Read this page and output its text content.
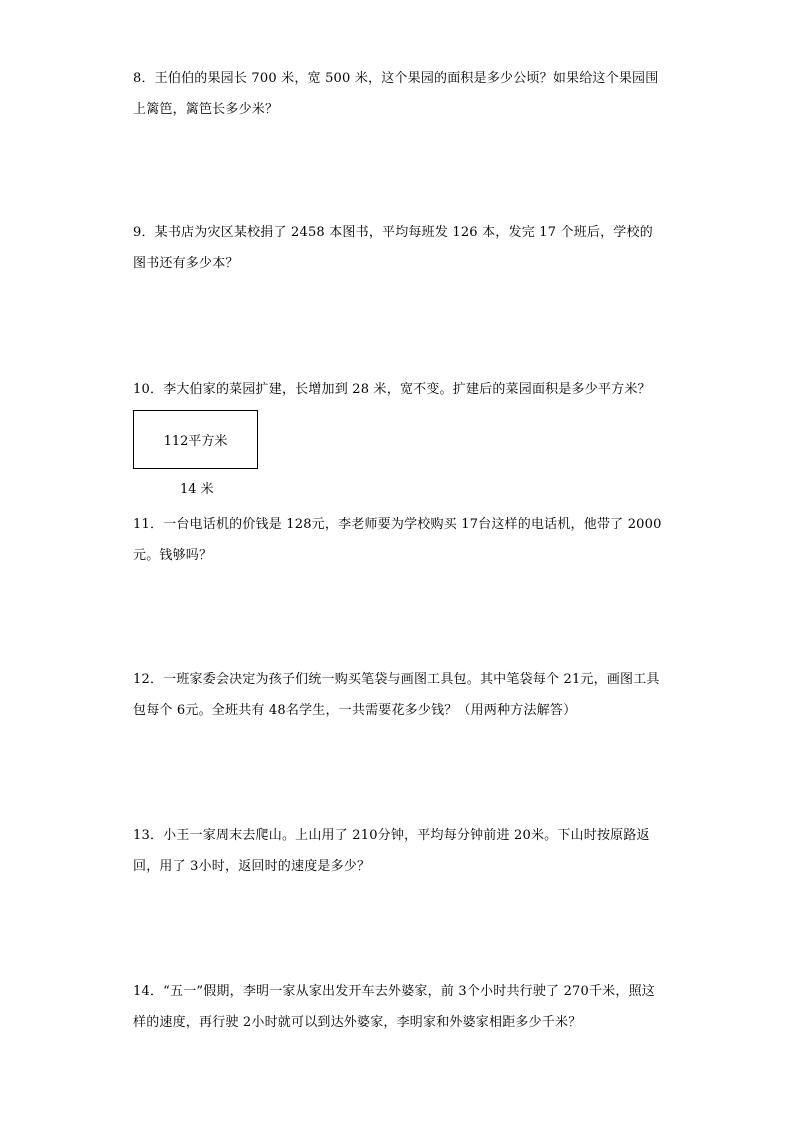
8．王伯伯的果园长 700 米，宽 500 米，这个果园的面积是多少公顷？如果给这个果园围上篱笆，篱笆长多少米？
9．某书店为灾区某校捐了 2458 本图书，平均每班发 126 本，发完 17 个班后，学校的图书还有多少本？
10．李大伯家的菜园扩建，长增加到 28 米，宽不变。扩建后的菜园面积是多少平方米？
112平方米
14 米
11．一台电话机的价钱是 128元，李老师要为学校购买 17台这样的电话机，他带了 2000元。钱够吗？
12．一班家委会决定为孩子们统一购买笔袋与画图工具包。其中笔袋每个 21元，画图工具包每个 6元。全班共有 48名学生，一共需要花多少钱？（用两种方法解答）
13．小王一家周末去爬山。上山用了 210分钟，平均每分钟前进 20米。下山时按原路返回，用了 3小时，返回时的速度是多少？
14．“五一”假期，李明一家从家出发开车去外婆家，前 3个小时共行驶了 270千米，照这样的速度，再行驶 2小时就可以到达外婆家，李明家和外婆家相距多少千米？
